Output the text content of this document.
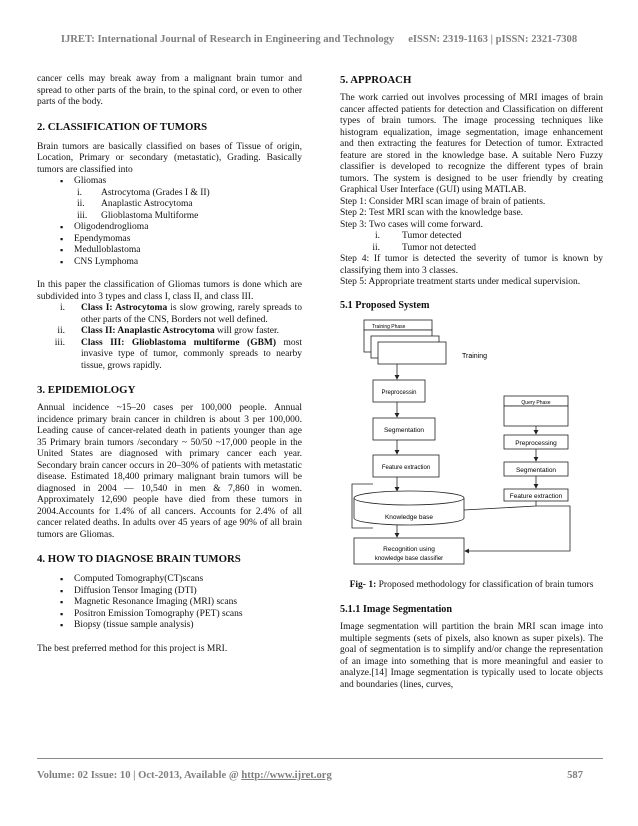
IJRET: International Journal of Research in Engineering and Technology eISSN: 2319-1163 | pISSN: 2321-7308

cancer cells may break away from a malignant brain tumor and spread to other parts of the brain, to the spinal cord, or even to other parts of the body.

2. CLASSIFICATION OF TUMORS

Brain tumors are basically classified on bases of Tissue of origin, Location, Primary or secondary (metastatic), Grading. Basically tumors are classified into

▪ Gliomas
i. Astrocytoma (Grades I & II)
ii. Anaplastic Astrocytoma
iii. Glioblastoma Multiforme
▪ Oligodendroglioma
▪ Ependymomas
▪ Medulloblastoma
▪ CNS Lymphoma

In this paper the classification of Gliomas tumors is done which are subdivided into 3 types and class I, class II, and class III.

i. Class I: Astrocytoma is slow growing, rarely spreads to other parts of the CNS, Borders not well defined.
ii. Class II: Anaplastic Astrocytoma will grow faster.
iii. Class III: Glioblastoma multiforme (GBM) most invasive type of tumor, commonly spreads to nearby tissue, grows rapidly.
3. EPIDEMIOLOGY

Annual incidence ~15–20 cases per 100,000 people. Annual incidence primary brain cancer in children is about 3 per 100,000. Leading cause of cancer-related death in patients younger than age 35 Primary brain tumors /secondary ~ 50/50 ~17,000 people in the United States are diagnosed with primary cancer each year. Secondary brain cancer occurs in 20–30% of patients with metastatic disease. Estimated 18,400 primary malignant brain tumors will be diagnosed in 2004 — 10,540 in men & 7,860 in women. Approximately 12,690 people have died from these tumors in 2004.Accounts for 1.4% of all cancers. Accounts for 2.4% of all cancer related deaths. In adults over 45 years of age 90% of all brain tumors are Gliomas.

4. HOW TO DIAGNOSE BRAIN TUMORS
▪ Computed Tomography(CT)scans
▪ Diffusion Tensor Imaging (DTI)
▪ Magnetic Resonance Imaging (MRI) scans
▪ Positron Emission Tomography (PET) scans
▪ Biopsy (tissue sample analysis)

The best preferred method for this project is MRI.

5. APPROACH

The work carried out involves processing of MRI images of brain cancer affected patients for detection and Classification on different types of brain tumors. The image processing techniques like histogram equalization, image segmentation, image enhancement and then extracting the features for Detection of tumor. Extracted feature are stored in the knowledge base. A suitable Nero Fuzzy classifier is developed to recognize the different types of brain tumors. The system is designed to be user friendly by creating Graphical User Interface (GUI) using MATLAB.

Step 1: Consider MRI scan image of brain of patients.
Step 2: Test MRI scan with the knowledge base.
Step 3: Two cases will come forward.
i. Tumor detected
ii. Tumor not detected

Step 4: If tumor is detected the severity of tumor is known by classifying them into 3 classes.

Step 5: Appropriate treatment starts under medical supervision.

5.1 Proposed System
Training Phase
Training
Preprocessin
Segmentation
Feature extraction
Knowledge base
Recognition using
knowledge base classifier
Query Phase
Preprocessing
Segmentation
Feature extraction
Fig- 1: Proposed methodology for classification of brain tumors
5.1.1 Image Segmentation

Image segmentation will partition the brain MRI scan image into multiple segments (sets of pixels, also known as super pixels). The goal of segmentation is to simplify and/or change the representation of an image into something that is more meaningful and easier to analyze.[14] Image segmentation is typically used to locate objects and boundaries (lines, curves,

Volume: 02 Issue: 10 | Oct-2013, Available @ http://www.ijret.org	587
